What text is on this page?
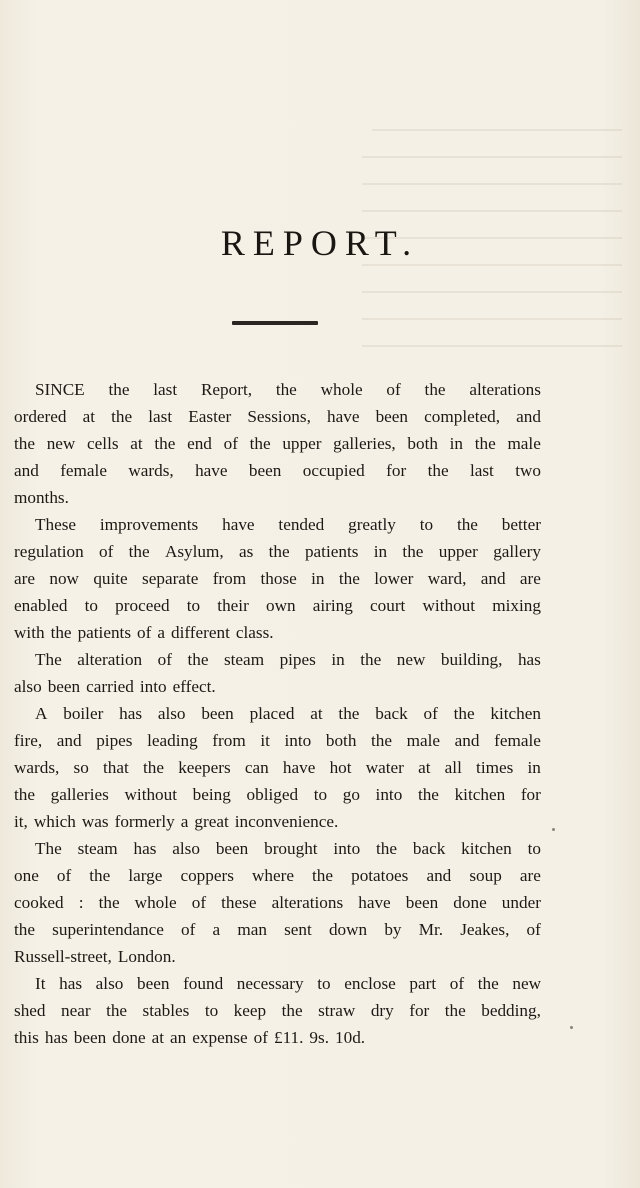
REPORT.
SINCE the last Report, the whole of the alterations
ordered at the last Easter Sessions, have been completed, and
the new cells at the end of the upper galleries, both in the male
and female wards, have been occupied for the last two
months.
These improvements have tended greatly to the better
regulation of the Asylum, as the patients in the upper gallery
are now quite separate from those in the lower ward, and are
enabled to proceed to their own airing court without mixing
with the patients of a different class.
The alteration of the steam pipes in the new building, has
also been carried into effect.
A boiler has also been placed at the back of the kitchen
fire, and pipes leading from it into both the male and female
wards, so that the keepers can have hot water at all times in
the galleries without being obliged to go into the kitchen for
it, which was formerly a great inconvenience.
The steam has also been brought into the back kitchen to
one of the large coppers where the potatoes and soup are
cooked : the whole of these alterations have been done under
the superintendance of a man sent down by Mr. Jeakes, of
Russell-street, London.
It has also been found necessary to enclose part of the new
shed near the stables to keep the straw dry for the bedding,
this has been done at an expense of £11. 9s. 10d.
